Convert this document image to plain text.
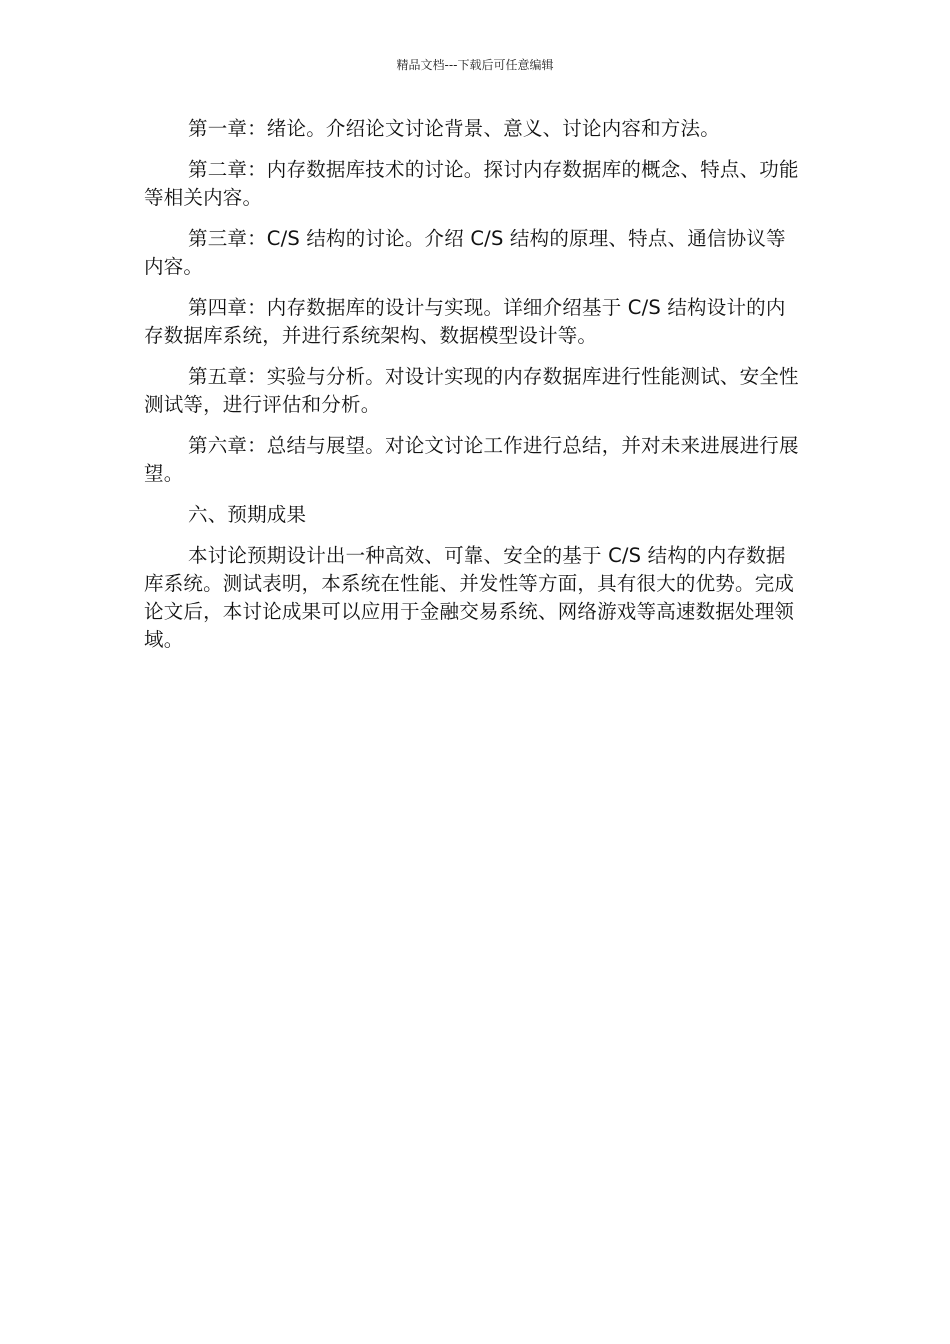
精品文档---下载后可任意编辑

第一章：绪论。介绍论文讨论背景、意义、讨论内容和方法。

第二章：内存数据库技术的讨论。探讨内存数据库的概念、特点、功能等相关内容。

第三章：C/S 结构的讨论。介绍 C/S 结构的原理、特点、通信协议等内容。

第四章：内存数据库的设计与实现。详细介绍基于 C/S 结构设计的内存数据库系统，并进行系统架构、数据模型设计等。

第五章：实验与分析。对设计实现的内存数据库进行性能测试、安全性测试等，进行评估和分析。

第六章：总结与展望。对论文讨论工作进行总结，并对未来进展进行展望。

六、预期成果

本讨论预期设计出一种高效、可靠、安全的基于 C/S 结构的内存数据库系统。测试表明，本系统在性能、并发性等方面，具有很大的优势。完成论文后，本讨论成果可以应用于金融交易系统、网络游戏等高速数据处理领域。
